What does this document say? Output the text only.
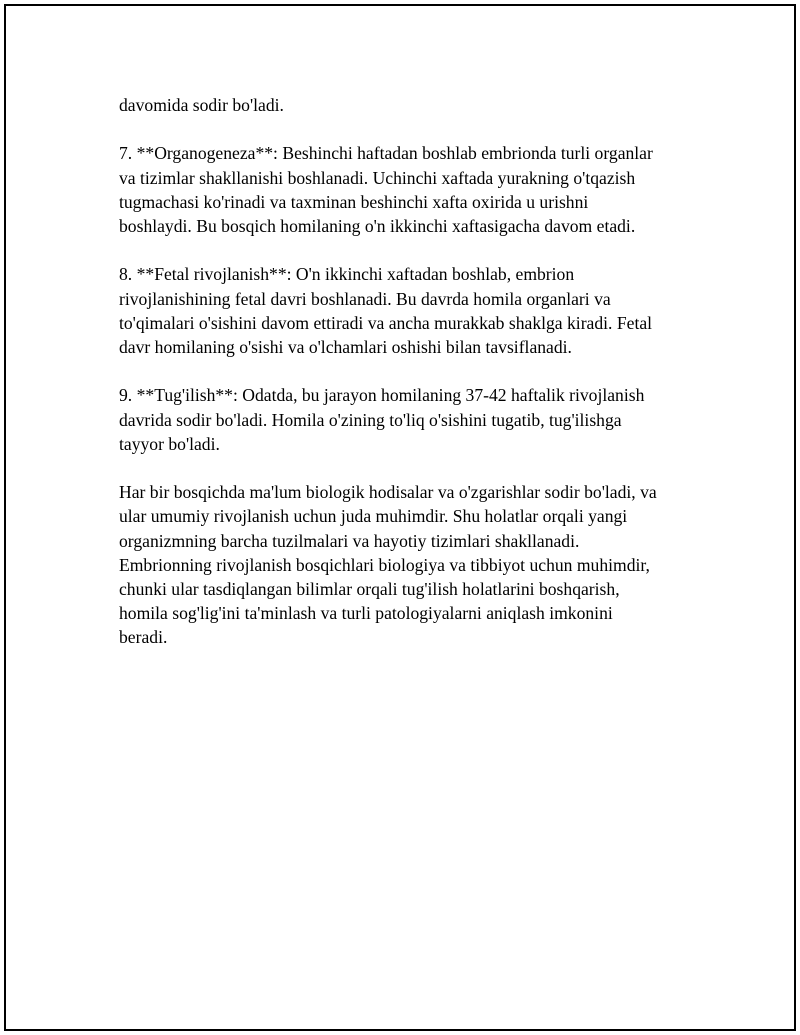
davomida sodir bo'ladi.

7. **Organogeneza**: Beshinchi haftadan boshlab embrionda turli organlar
va tizimlar shakllanishi boshlanadi. Uchinchi xaftada yurakning o'tqazish
tugmachasi ko'rinadi va taxminan beshinchi xafta oxirida u urishni
boshlaydi. Bu bosqich homilaning o'n ikkinchi xaftasigacha davom etadi.

8. **Fetal rivojlanish**: O'n ikkinchi xaftadan boshlab, embrion
rivojlanishining fetal davri boshlanadi. Bu davrda homila organlari va
to'qimalari o'sishini davom ettiradi va ancha murakkab shaklga kiradi. Fetal
davr homilaning o'sishi va o'lchamlari oshishi bilan tavsiflanadi.

9. **Tug'ilish**: Odatda, bu jarayon homilaning 37-42 haftalik rivojlanish
davrida sodir bo'ladi. Homila o'zining to'liq o'sishini tugatib, tug'ilishga
tayyor bo'ladi.

Har bir bosqichda ma'lum biologik hodisalar va o'zgarishlar sodir bo'ladi, va
ular umumiy rivojlanish uchun juda muhimdir. Shu holatlar orqali yangi
organizmning barcha tuzilmalari va hayotiy tizimlari shakllanadi.
Embrionning rivojlanish bosqichlari biologiya va tibbiyot uchun muhimdir,
chunki ular tasdiqlangan bilimlar orqali tug'ilish holatlarini boshqarish,
homila sog'lig'ini ta'minlash va turli patologiyalarni aniqlash imkonini
beradi.
